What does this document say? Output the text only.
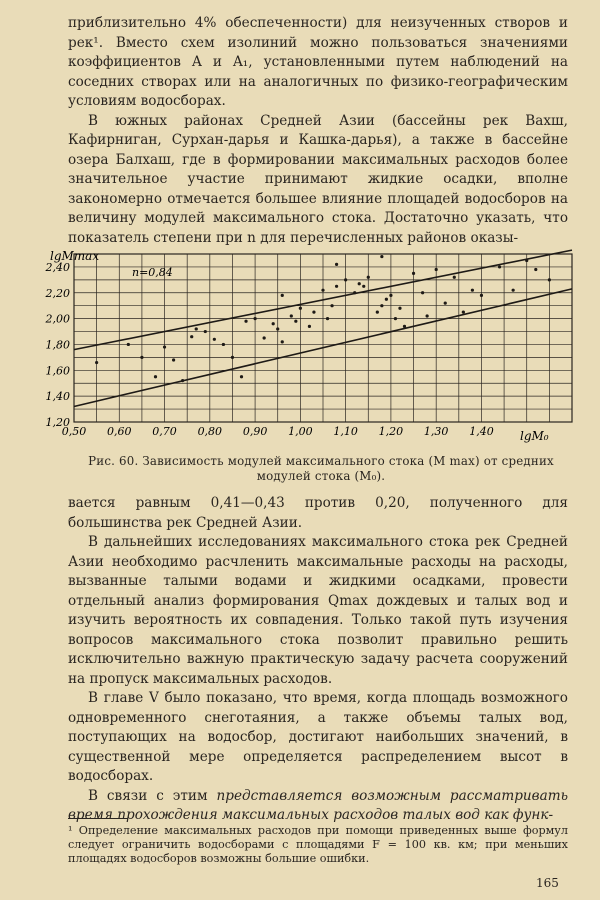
приблизительно 4% обеспеченности) для неизученных створов и рек¹. Вместо схем изолиний можно пользоваться значениями коэффициентов A и A₁, установленными путем наблюдений на соседних створах или на аналогичных по физико-географическим условиям водосборах.

В южных районах Средней Азии (бассейны рек Вахш, Кафирниган, Сурхан-дарья и Кашка-дарья), а также в бассейне озера Балхаш, где в формировании максимальных расходов более значительное участие принимают жидкие осадки, вполне закономерно отмечается большее влияние площадей водосборов на величину модулей максимального стока. Достаточно указать, что показатель степени при n для перечисленных районов оказы-

0,50 0,60 0,70 0,80 0,90 1,00 1,10 1,20 1,30 1,40
1,20
1,40
1,60
1,80
2,00
2,20
2,40
lgMmax
lgM₀
n=0,84
Рис. 60. Зависимость модулей максимального стока (M max) от средних модулей стока (M₀).

вается равным 0,41—0,43 против 0,20, полученного для большинства рек Средней Азии.

В дальнейших исследованиях максимального стока рек Средней Азии необходимо расчленить максимальные расходы на расходы, вызванные талыми водами и жидкими осадками, провести отдельный анализ формирования Qmax дождевых и талых вод и изучить вероятность их совпадения. Только такой путь изучения вопросов максимального стока позволит правильно решить исключительно важную практическую задачу расчета сооружений на пропуск максимальных расходов.

В главе V было показано, что время, когда площадь возможного одновременного снеготаяния, а также объемы талых вод, поступающих на водосбор, достигают наибольших значений, в существенной мере определяется распределением высот в водосборах.

В связи с этим представляется возможным рассматривать время прохождения максимальных расходов талых вод как функ-

¹ Определение максимальных расходов при помощи приведенных выше формул следует ограничить водосборами с площадями F = 100 кв. км; при меньших площадях водосборов возможны большие ошибки.
165
